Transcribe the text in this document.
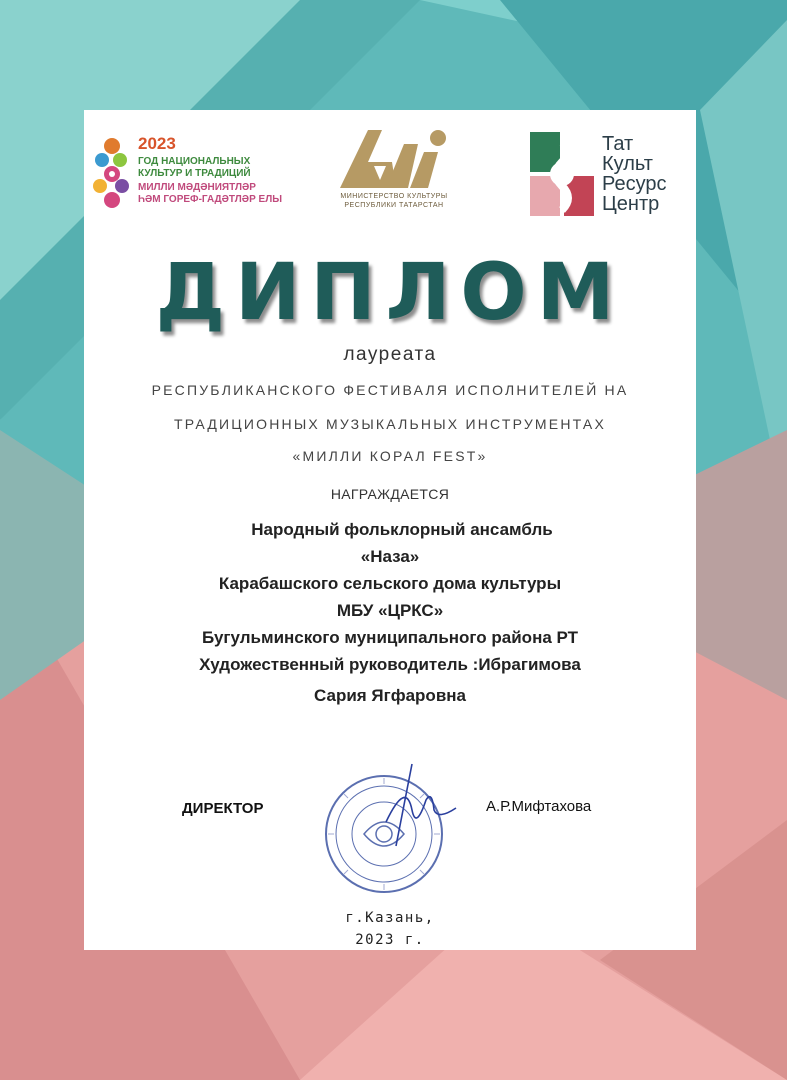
2023
ГОД НАЦИОНАЛЬНЫХ
КУЛЬТУР И ТРАДИЦИЙ
МИЛЛИ МӘДӘНИЯТЛӘР
ҺӘМ ГОРЕФ-ГАДӘТЛӘР ЕЛЫ	МИНИСТЕРСТВО КУЛЬТУРЫ
РЕСПУБЛИКИ ТАТАРСТАН
Тат
Культ
Ресурс
Центр
ДИПЛОМ
лауреата
РЕСПУБЛИКАНСКОГО ФЕСТИВАЛЯ ИСПОЛНИТЕЛЕЙ НА
ТРАДИЦИОННЫХ МУЗЫКАЛЬНЫХ ИНСТРУМЕНТАХ
«МИЛЛИ КОРАЛ FEST»
НАГРАЖДАЕТСЯ
Народный фольклорный ансамбль
«Наза»
Карабашского сельского дома культуры
МБУ «ЦРКС»
Бугульминского муниципального района РТ
Художественный руководитель :Ибрагимова
Сария Ягфаровна
ДИРЕКТОР	А.Р.Мифтахова
г.Казань,
2023 г.
